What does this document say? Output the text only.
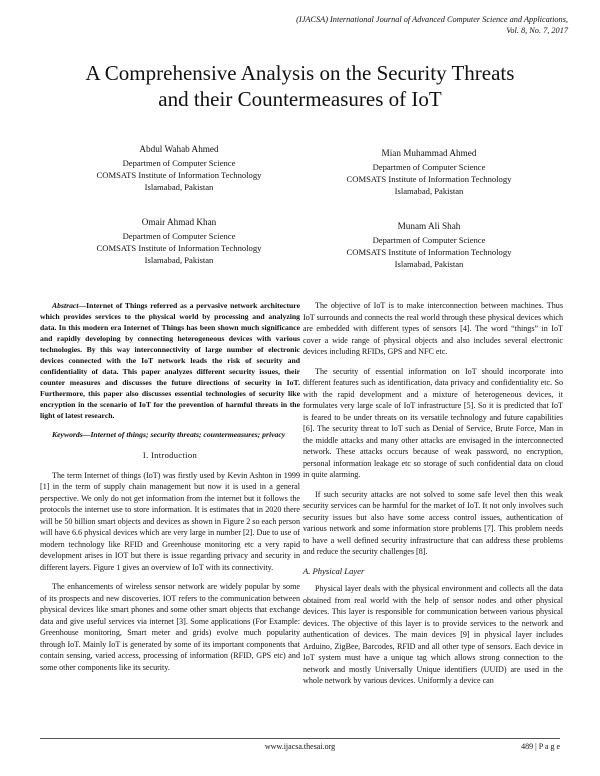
(IJACSA) International Journal of Advanced Computer Science and Applications,
Vol. 8, No. 7, 2017
A Comprehensive Analysis on the Security Threats
and their Countermeasures of IoT
Abdul Wahab Ahmed
Departmen of Computer Science
COMSATS Institute of Information Technology
Islamabad, Pakistan
Mian Muhammad Ahmed
Departmen of Computer Science
COMSATS Institute of Information Technology
Islamabad, Pakistan
Omair Ahmad Khan
Departmen of Computer Science
COMSATS Institute of Information Technology
Islamabad, Pakistan
Munam Ali Shah
Departmen of Computer Science
COMSATS Institute of Information Technology
Islamabad, Pakistan

Abstract—Internet of Things referred as a pervasive network architecture which provides services to the physical world by processing and analyzing data. In this modern era Internet of Things has been shown much significance and rapidly developing by connecting heterogeneous devices with various technologies. By this way interconnectivity of large number of electronic devices connected with the IoT network leads the risk of security and confidentiality of data. This paper analyzes different security issues, their counter measures and discusses the future directions of security in IoT. Furthermore, this paper also discusses essential technologies of security like encryption in the scenario of IoT for the prevention of harmful threats in the light of latest research.

Keywords—Internet of things; security threats; countermeasures; privacy

I. Introduction

The term Internet of things (IoT) was firstly used by Kevin Ashton in 1999 [1] in the term of supply chain management but now it is used in a general perspective. We only do not get information from the internet but it follows the protocols the internet use to store information. It is estimates that in 2020 there will be 50 billion smart objects and devices as shown in Figure 2 so each person will have 6.6 physical devices which are very large in number [2]. Due to use of modern technology like RFID and Greenhouse monitoring etc a very rapid development arises in IOT but there is issue regarding privacy and security in different layers. Figure 1 gives an overview of IoT with its connectivity.

The enhancements of wireless sensor network are widely popular by some of its prospects and new discoveries. IOT refers to the communication between physical devices like smart phones and some other smart objects that exchange data and give useful services via internet [3]. Some applications (For Example: Greenhouse monitoring, Smart meter and grids) evolve much popularity through IoT. Mainly IoT is generated by some of its important components that contain sensing, varied access, processing of information (RFID, GPS etc) and some other components like its security.

The objective of IoT is to make interconnection between machines. Thus IoT surrounds and connects the real world through these physical devices which are embedded with different types of sensors [4]. The word “things” in IoT cover a wide range of physical objects and also includes several electronic devices including RFIDs, GPS and NFC etc.

The security of essential information on IoT should incorporate into different features such as identification, data privacy and confidentiality etc. So with the rapid development and a mixture of heterogeneous devices, it formulates very large scale of IoT infrastructure [5]. So it is predicted that IoT is feared to be under threats on its versatile technology and future capabilities [6]. The security threat to IoT such as Denial of Service, Brute Force, Man in the middle attacks and many other attacks are envisaged in the interconnected network. These attacks occurs because of weak password, no encryption, personal information leakage etc so storage of such confidential data on cloud in quite alarming.

If such security attacks are not solved to some safe level then this weak security services can be harmful for the market of IoT. It not only involves such security issues but also have some access control issues, authentication of various network and some information store problems [7]. This problem needs to have a well defined security infrastructure that can address these problems and reduce the security challenges [8].

A. Physical Layer

Physical layer deals with the physical environment and collects all the data obtained from real world with the help of sensor nodes and other physical devices. This layer is responsible for communication between various physical devices. The objective of this layer is to provide services to the network and authentication of devices. The main devices [9] in physical layer includes Arduino, ZigBee, Barcodes, RFID and all other type of sensors. Each device in IoT system must have a unique tag which allows strong connection to the network and mostly Universally Unique identifiers (UUID) are used in the whole network by various devices. Uniformly a device can

www.ijacsa.thesai.org	489 | P a g e
